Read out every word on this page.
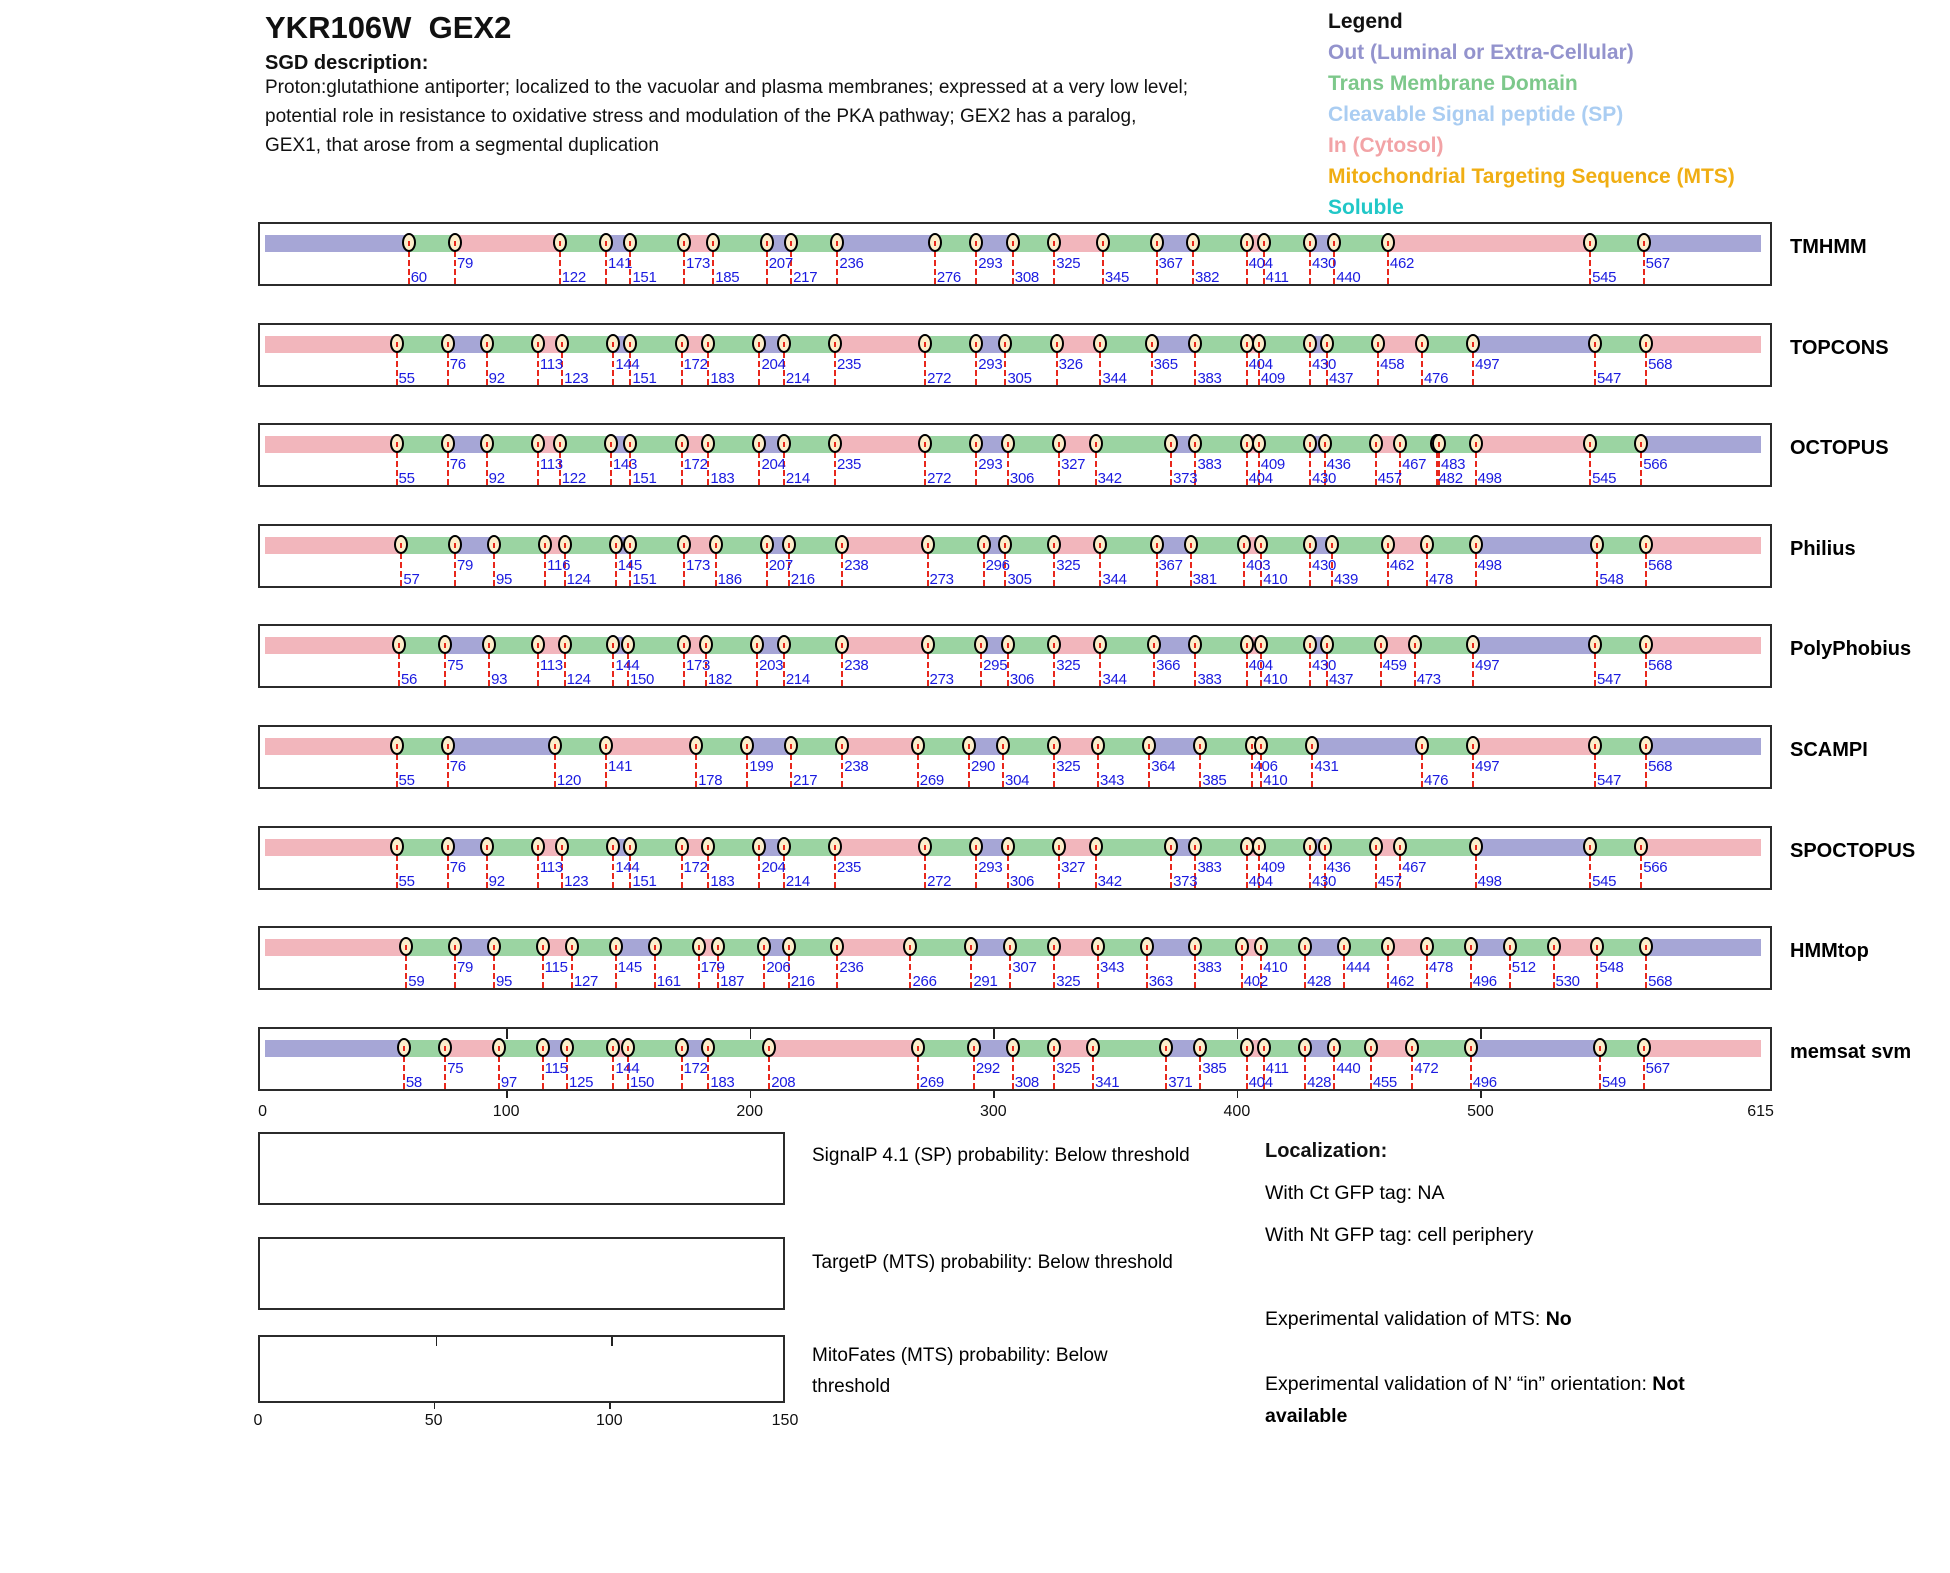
YKR106W  GEX2
SGD description:
Proton:glutathione antiporter; localized to the vacuolar and plasma membranes; expressed at a very low level;
potential role in resistance to oxidative stress and modulation of the PKA pathway; GEX2 has a paralog,
GEX1, that arose from a segmental duplication
Legend
Out (Luminal or Extra-Cellular)
Trans Membrane Domain
Cleavable Signal peptide (SP)
In (Cytosol)
Mitochondrial Targeting Sequence (MTS)
Soluble
60
79
122
141
151
173
185
207
217
236
276
293
308
325
345
367
382
404
411
430
440
462
545
567
TMHMM
55
76
92
113
123
144
151
172
183
204
214
235
272
293
305
326
344
365
383
404
409
430
437
458
476
497
547
568
TOPCONS
55
76
92
113
122
143
151
172
183
204
214
235
272
293
306
327
342	373
383
404
409
430
436
457
467
482
483
498	545
566
OCTOPUS
57
79
95
116
124
145
151
173
186
207
216
238
273
296
305
325
344
367
381
403
410
430
439
462
478
498
548
568
Philius
56
75
93
113
124
144
150
173
182
203
214
238
273
295
306
325
344
366
383
404
410
430
437
459
473
497
547
568
PolyPhobius
55
76
120
141
178
199
217
238
269
290
304
325
343
364
385
406
410
431
476
497
547
568
SCAMPI
55
76
92
113
123
144
151
172
183
204
214
235
272
293
306
327
342	373
383
404
409
430
436
457
467
498	545
566
SPOCTOPUS
59
79
95
115
127
145
161
179
187
206
216
236
266 291
307
325
343
363
383
402
410
428
444
462
478
496
512
530
548
568
HMMtop
58
75
97
115
125
144
150
172
183 208	269
292
308
325
341	371
385
404
411
428
440
455
472
496	549
567
memsat svm
0	100	200	300	400	500	615
0	50	100	150
SignalP 4.1 (SP) probability: Below threshold
TargetP (MTS) probability: Below threshold
MitoFates (MTS) probability: Below
threshold
Localization:
With Ct GFP tag: NA
With Nt GFP tag: cell periphery
Experimental validation of MTS: No
Experimental validation of N’ “in” orientation: Not available
